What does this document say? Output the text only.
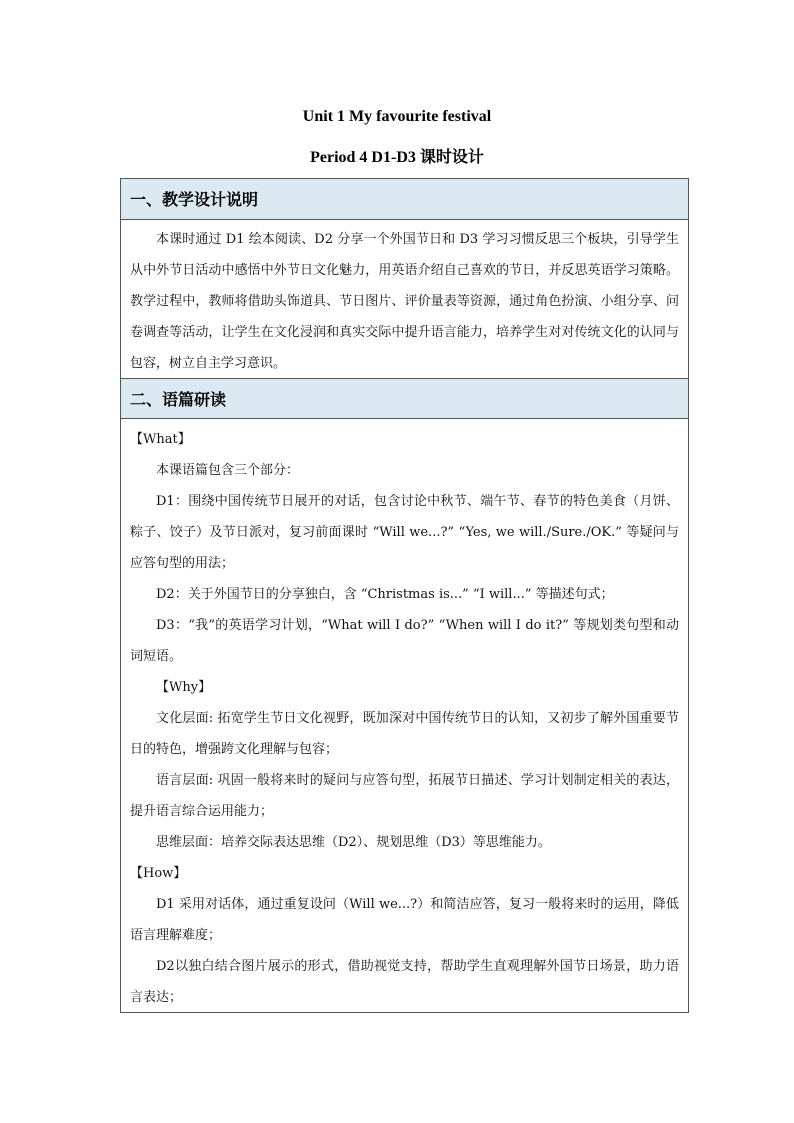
Unit 1 My favourite festival
Period 4 D1-D3 课时设计
一、教学设计说明

本课时通过 D1 绘本阅读、D2 分享一个外国节日和 D3 学习习惯反思三个板块，引导学生从中外节日活动中感悟中外节日文化魅力，用英语介绍自己喜欢的节日，并反思英语学习策略。教学过程中，教师将借助头饰道具、节日图片、评价量表等资源，通过角色扮演、小组分享、问卷调查等活动，让学生在文化浸润和真实交际中提升语言能力，培养学生对对传统文化的认同与包容，树立自主学习意识。

二、语篇研读

【What】

本课语篇包含三个部分：

D1：围绕中国传统节日展开的对话，包含讨论中秋节、端午节、春节的特色美食（月饼、粽子、饺子）及节日派对，复习前面课时 “Will we...?” “Yes, we will./Sure./OK.” 等疑问与应答句型的用法；

D2：关于外国节日的分享独白，含 “Christmas is...” “I will...” 等描述句式；

D3：“我”的英语学习计划，“What will I do?” “When will I do it?” 等规划类句型和动词短语。

【Why】

文化层面: 拓宽学生节日文化视野，既加深对中国传统节日的认知，又初步了解外国重要节日的特色，增强跨文化理解与包容；

语言层面: 巩固一般将来时的疑问与应答句型，拓展节日描述、学习计划制定相关的表达，提升语言综合运用能力；

思维层面：培养交际表达思维（D2）、规划思维（D3）等思维能力。

【How】

D1 采用对话体，通过重复设问（Will we...?）和简洁应答，复习一般将来时的运用，降低语言理解难度；

D2以独白结合图片展示的形式，借助视觉支持，帮助学生直观理解外国节日场景，助力语言表达；
